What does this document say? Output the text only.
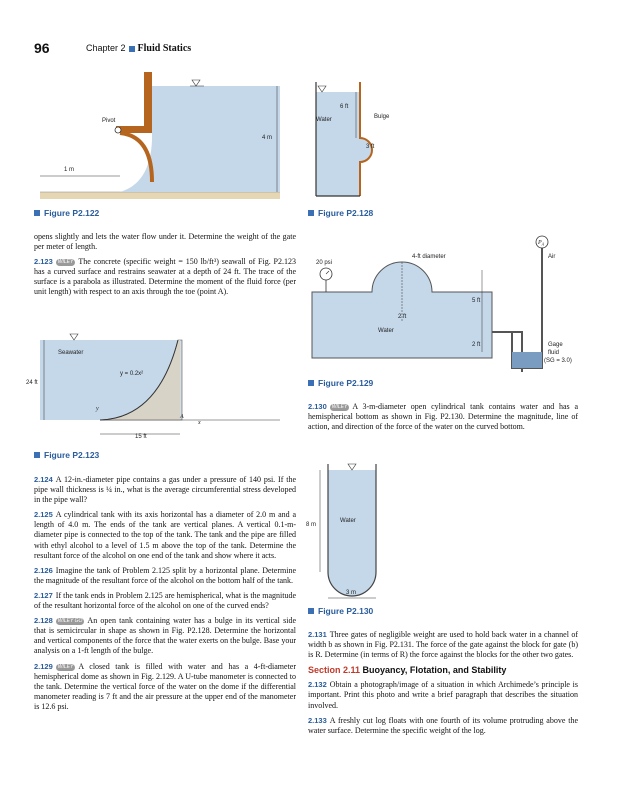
96	Chapter 2 Fluid Statics
Pivot
4 m
1 m
Figure P2.122
6 ft
Water	Bulge
3 ft
Figure P2.128

opens slightly and lets the water flow under it. Determine the weight of the gate per meter of length.

2.123 WILEY The concrete (specific weight = 150 lb/ft³) seawall of Fig. P2.123 has a curved surface and restrains seawater at a depth of 24 ft. The trace of the surface is a parabola as illustrated. Determine the moment of the fluid force (per unit length) with respect to an axis through the toe (point A).

Seawater
y = 0.2x²
24 ft
y
x
A
15 ft
Figure P2.123

2.124 A 12-in.-diameter pipe contains a gas under a pressure of 140 psi. If the pipe wall thickness is ¼ in., what is the average circumferential stress developed in the pipe wall?

2.125 A cylindrical tank with its axis horizontal has a diameter of 2.0 m and a length of 4.0 m. The ends of the tank are vertical planes. A vertical 0.1-m-diameter pipe is connected to the top of the tank. The tank and the pipe are filled with ethyl alcohol to a level of 1.5 m above the top of the tank. Determine the resultant force of the alcohol on one end of the tank and show where it acts.

2.126 Imagine the tank of Problem 2.125 split by a horizontal plane. Determine the magnitude of the resultant force of the alcohol on the bottom half of the tank.

2.127 If the tank ends in Problem 2.125 are hemispherical, what is the magnitude of the resultant horizontal force of the alcohol on one of the curved ends?

2.128 WILEY GO An open tank containing water has a bulge in its vertical side that is semicircular in shape as shown in Fig. P2.128. Determine the horizontal and vertical components of the force that the water exerts on the bulge. Base your analysis on a 1-ft length of the bulge.

2.129 WILEY A closed tank is filled with water and has a 4-ft-diameter hemispherical dome as shown in Fig. 2.129. A U-tube manometer is connected to the tank. Determine the vertical force of the water on the dome if the differential manometer reading is 7 ft and the air pressure at the upper end of the manometer is 12.6 psi.

20 psi
4-ft diameter
2 ft
Water
$P_A$
Air
5 ft
2 ft	Gage
fluid
(SG = 3.0)
Figure P2.129

2.130 WILEY A 3-m-diameter open cylindrical tank contains water and has a hemispherical bottom as shown in Fig. P2.130. Determine the magnitude, line of action, and direction of the force of the water on the curved bottom.

8 m
Water
3 m
Figure P2.130

2.131 Three gates of negligible weight are used to hold back water in a channel of width b as shown in Fig. P2.131. The force of the gate against the block for gate (b) is R. Determine (in terms of R) the force against the blocks for the other two gates.

Section 2.11 Buoyancy, Flotation, and Stability

2.132 Obtain a photograph/image of a situation in which Archimede’s principle is important. Print this photo and write a brief paragraph that describes the situation involved.

2.133 A freshly cut log floats with one fourth of its volume protruding above the water surface. Determine the specific weight of the log.
